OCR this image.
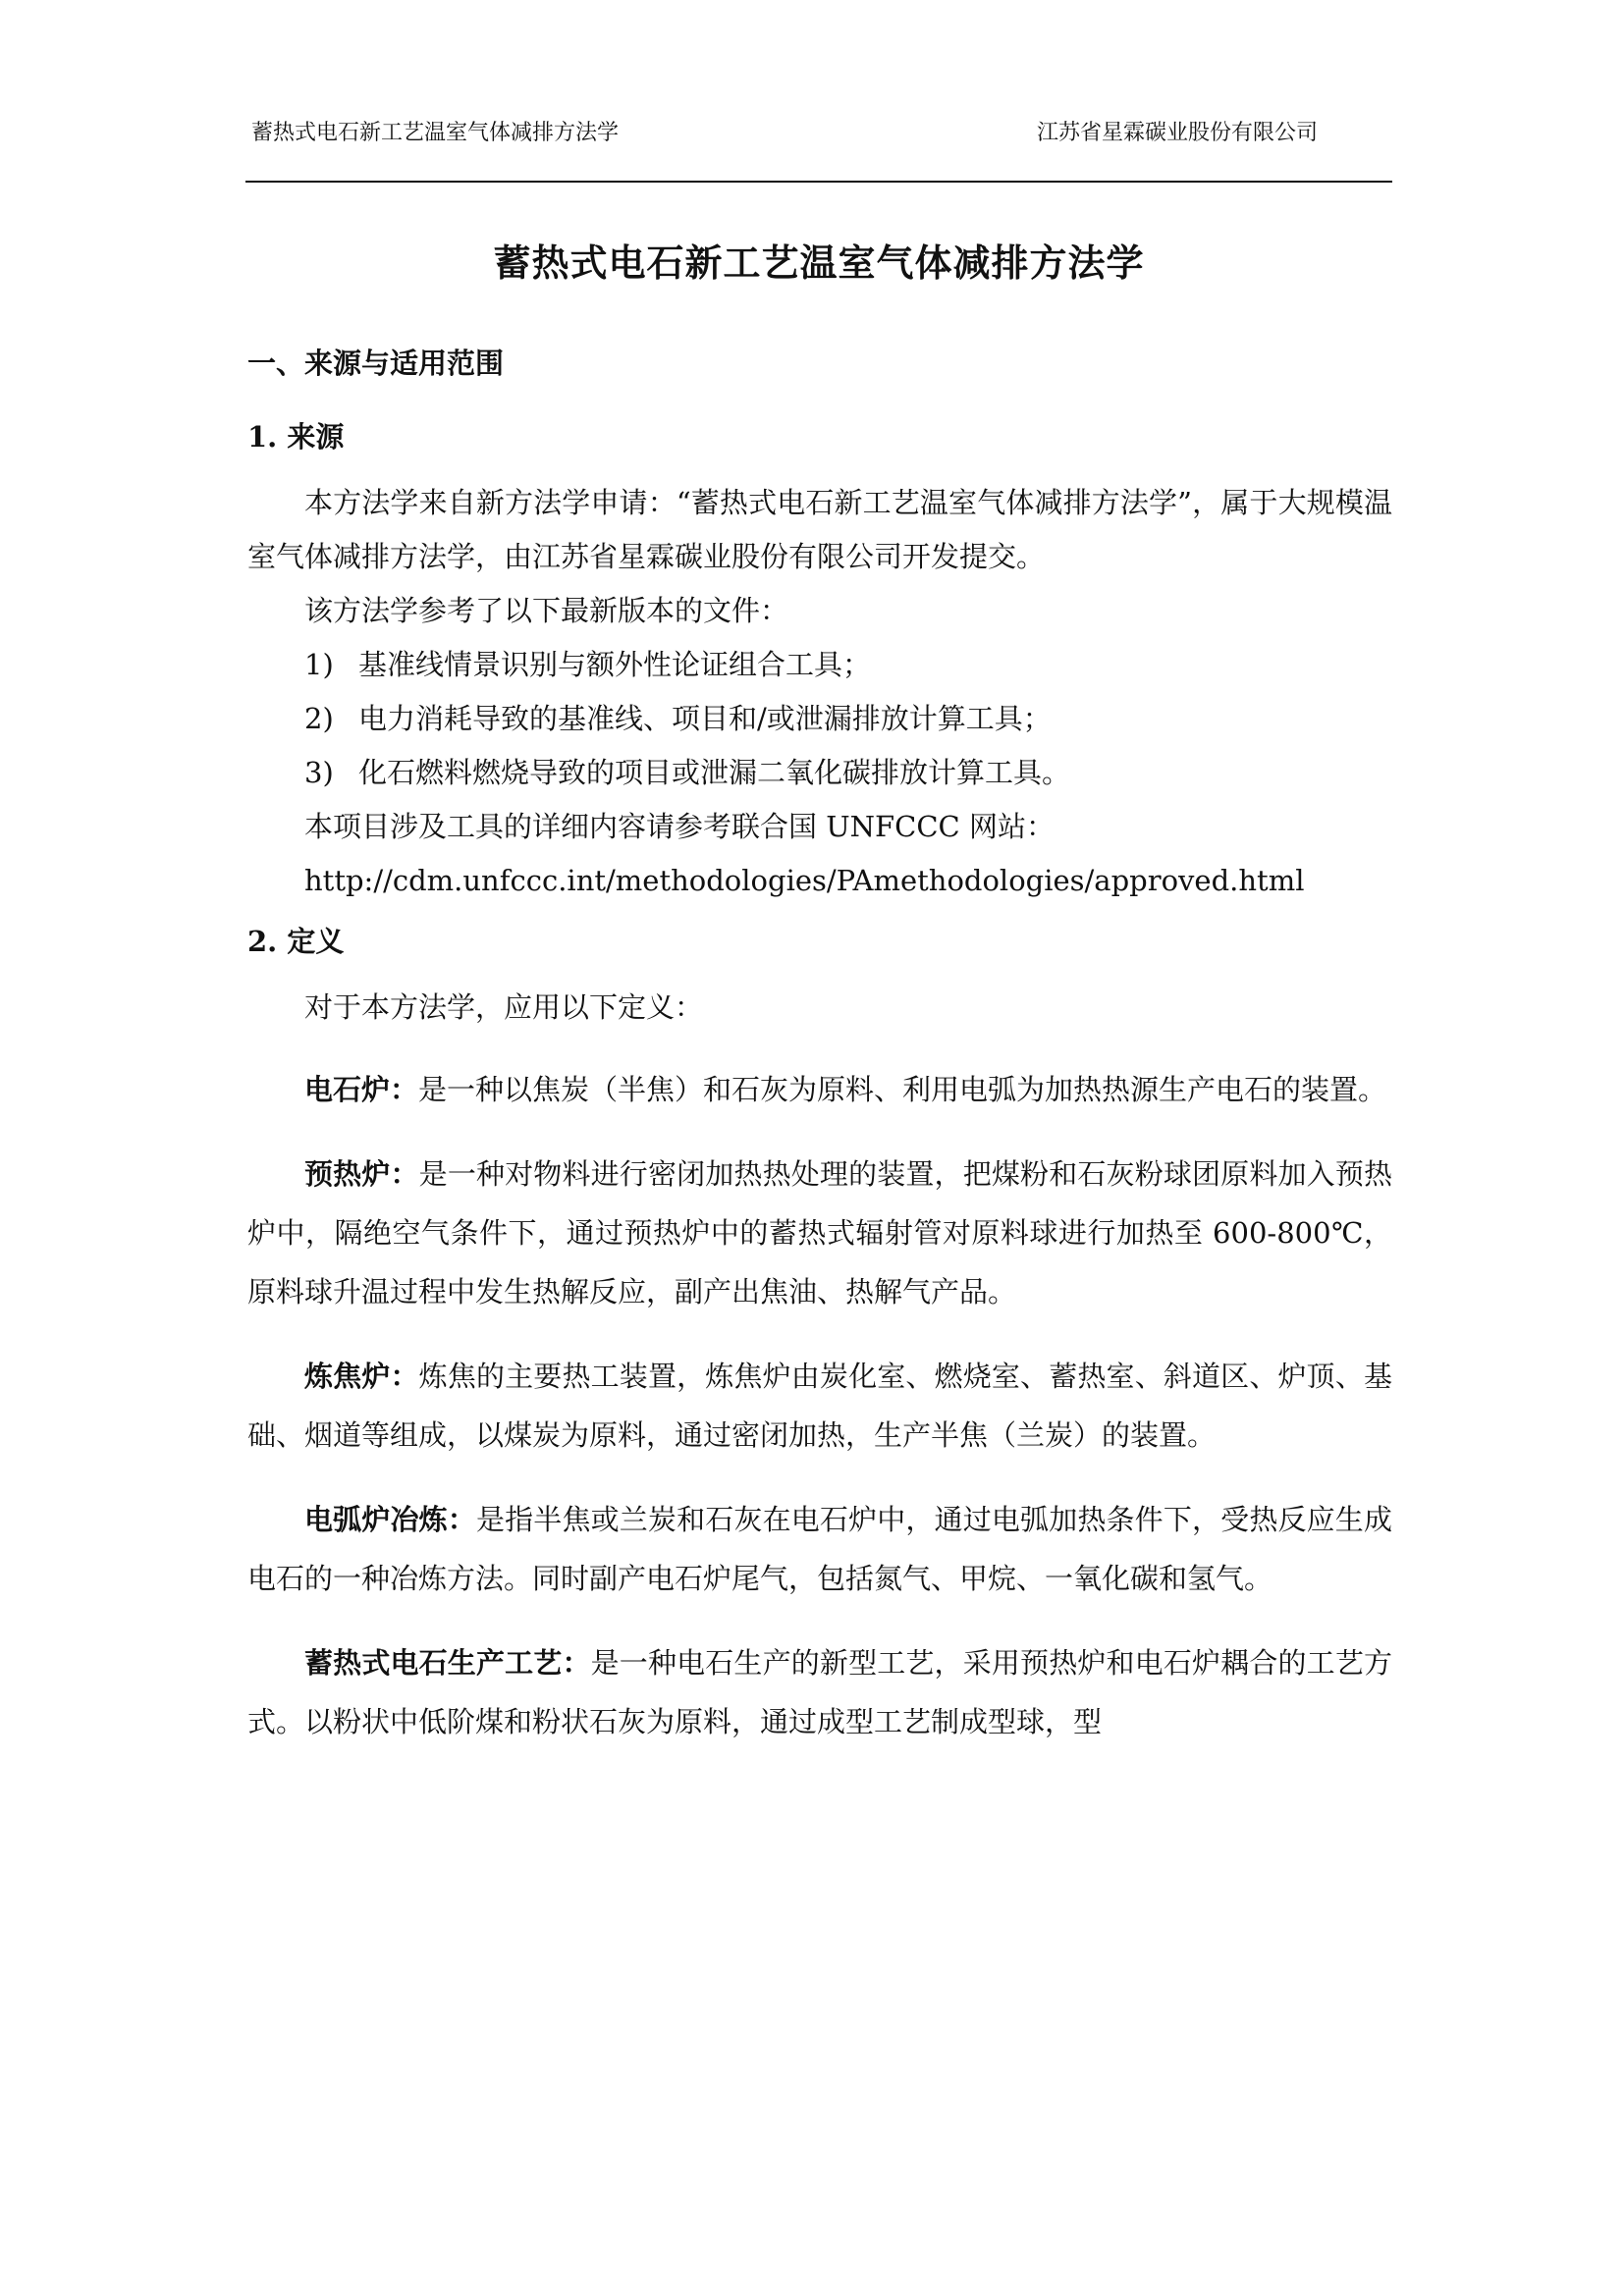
蓄热式电石新工艺温室气体减排方法学	江苏省星霖碳业股份有限公司
蓄热式电石新工艺温室气体减排方法学
一、来源与适用范围
1. 来源

本方法学来自新方法学申请：“蓄热式电石新工艺温室气体减排方法学”，属于大规模温室气体减排方法学，由江苏省星霖碳业股份有限公司开发提交。

该方法学参考了以下最新版本的文件：

1) 基准线情景识别与额外性论证组合工具；
2) 电力消耗导致的基准线、项目和/或泄漏排放计算工具；
3) 化石燃料燃烧导致的项目或泄漏二氧化碳排放计算工具。

本项目涉及工具的详细内容请参考联合国 UNFCCC 网站：

http://cdm.unfccc.int/methodologies/PAmethodologies/approved.html

2. 定义

对于本方法学，应用以下定义：

电石炉：是一种以焦炭（半焦）和石灰为原料、利用电弧为加热热源生产电石的装置。

预热炉：是一种对物料进行密闭加热热处理的装置，把煤粉和石灰粉球团原料加入预热炉中，隔绝空气条件下，通过预热炉中的蓄热式辐射管对原料球进行加热至 600-800℃，原料球升温过程中发生热解反应，副产出焦油、热解气产品。

炼焦炉：炼焦的主要热工装置，炼焦炉由炭化室、燃烧室、蓄热室、斜道区、炉顶、基础、烟道等组成，以煤炭为原料，通过密闭加热，生产半焦（兰炭）的装置。

电弧炉冶炼：是指半焦或兰炭和石灰在电石炉中，通过电弧加热条件下，受热反应生成电石的一种冶炼方法。同时副产电石炉尾气，包括氮气、甲烷、一氧化碳和氢气。

蓄热式电石生产工艺：是一种电石生产的新型工艺，采用预热炉和电石炉耦合的工艺方式。以粉状中低阶煤和粉状石灰为原料，通过成型工艺制成型球，型
